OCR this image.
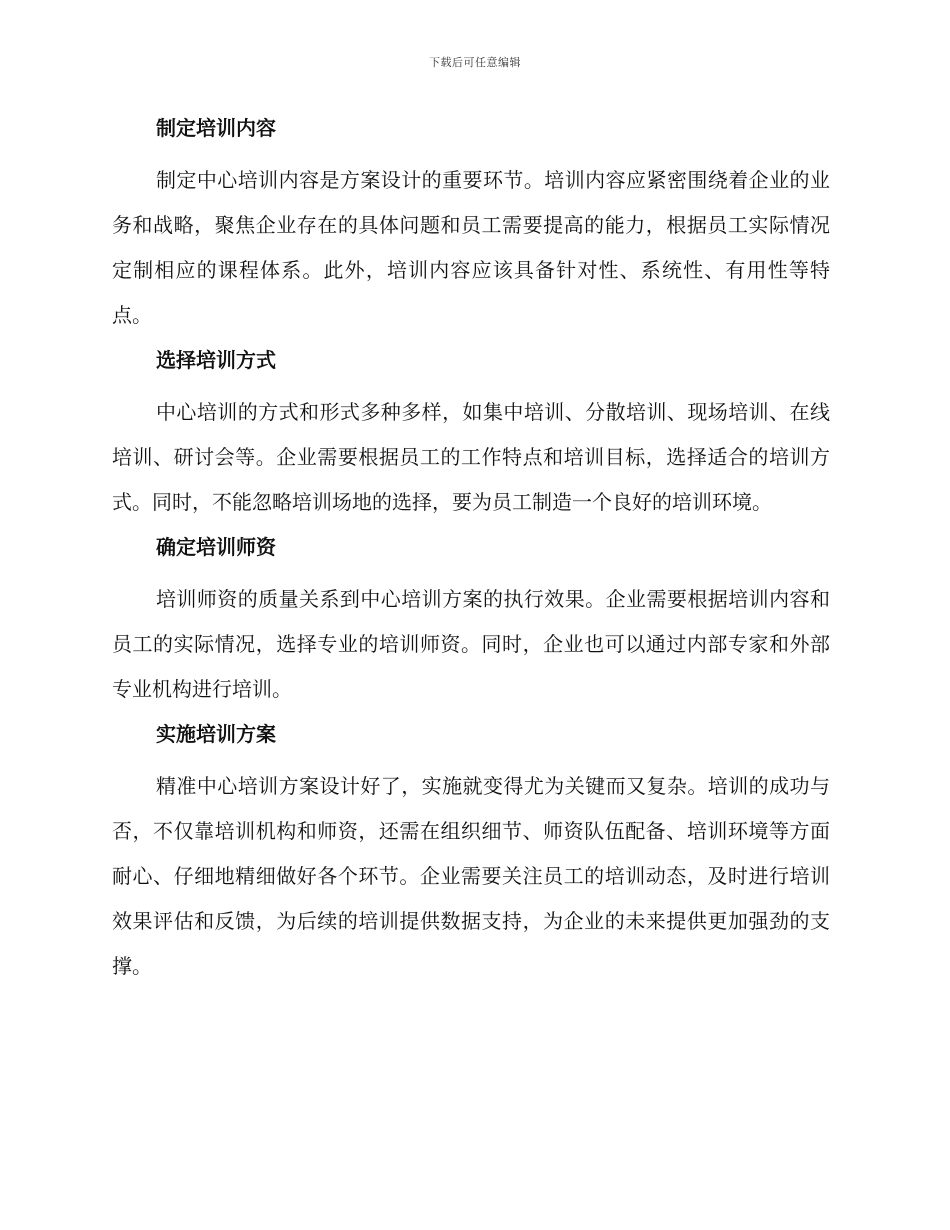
下载后可任意编辑
制定培训内容

制定中心培训内容是方案设计的重要环节。培训内容应紧密围绕着企业的业务和战略，聚焦企业存在的具体问题和员工需要提高的能力，根据员工实际情况定制相应的课程体系。此外，培训内容应该具备针对性、系统性、有用性等特点。

选择培训方式

中心培训的方式和形式多种多样，如集中培训、分散培训、现场培训、在线培训、研讨会等。企业需要根据员工的工作特点和培训目标，选择适合的培训方式。同时，不能忽略培训场地的选择，要为员工制造一个良好的培训环境。

确定培训师资

培训师资的质量关系到中心培训方案的执行效果。企业需要根据培训内容和员工的实际情况，选择专业的培训师资。同时，企业也可以通过内部专家和外部专业机构进行培训。

实施培训方案

精准中心培训方案设计好了，实施就变得尤为关键而又复杂。培训的成功与否，不仅靠培训机构和师资，还需在组织细节、师资队伍配备、培训环境等方面耐心、仔细地精细做好各个环节。企业需要关注员工的培训动态，及时进行培训效果评估和反馈，为后续的培训提供数据支持，为企业的未来提供更加强劲的支撑。
